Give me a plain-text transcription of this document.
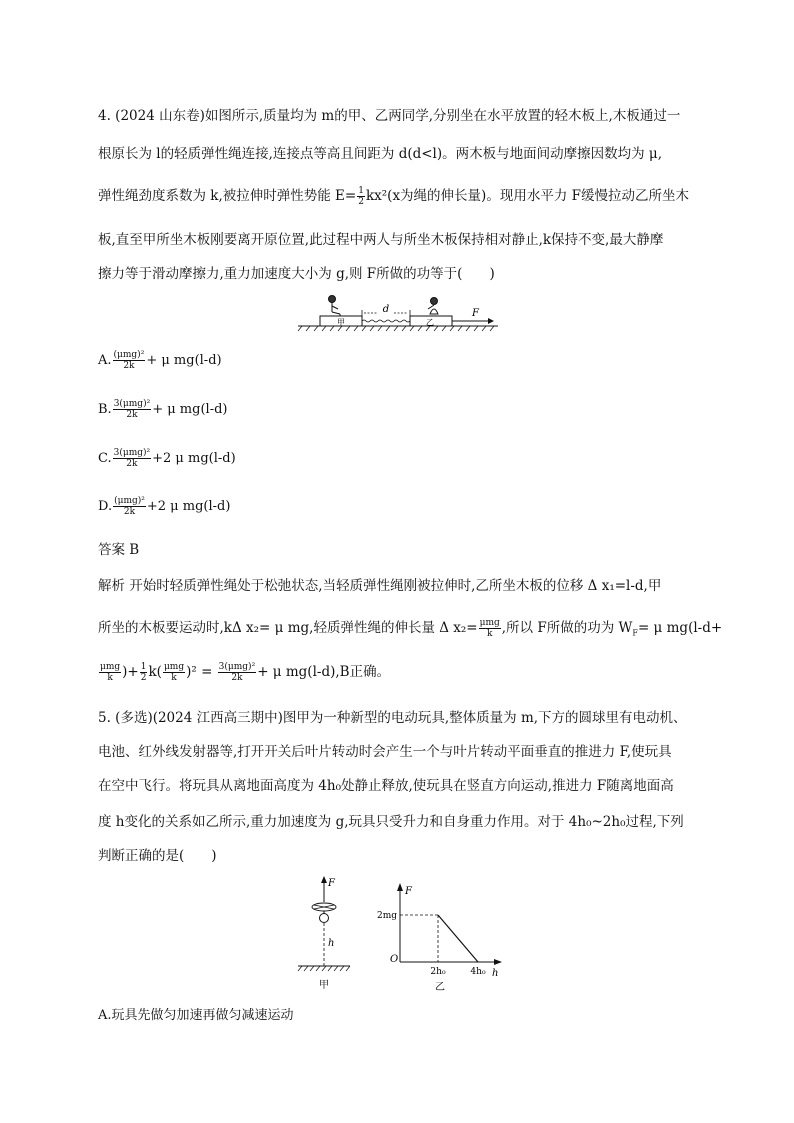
4. (2024 山东卷)如图所示,质量均为 m的甲、乙两同学,分别坐在水平放置的轻木板上,木板通过一
根原长为 l的轻质弹性绳连接,连接点等高且间距为 d(d<l)。两木板与地面间动摩擦因数均为 μ,
弹性绳劲度系数为 k,被拉伸时弹性势能 $E= \frac{1}{2} kx^2(x$为绳的伸长量)。现用水平力 F缓慢拉动乙所坐木
板,直至甲所坐木板刚要离开原位置,此过程中两人与所坐木板保持相对静止,k保持不变,最大静摩
擦力等于滑动摩擦力,重力加速度大小为 g,则 F所做的功等于(　　)
甲
d
乙
F
A. $\frac{\text{(μmg)²}}{2k} + \mu$ mg(l-d)
B. $\frac{\text{3(μmg)²}}{2k} + \mu$ mg(l-d)
C. $\frac{\text{3(μmg)²}}{2k} +2$ μ mg(l-d)
D. $\frac{\text{(μmg)²}}{2k} +2$ μ mg(l-d)
答案 B
解析 开始时轻质弹性绳处于松弛状态,当轻质弹性绳刚被拉伸时,乙所坐木板的位移 Δ x₁=l-d,甲
所坐的木板要运动时,kΔ x₂= μ mg,轻质弹性绳的伸长量 Δ $x_2= \frac{\text{μmg}}{k}$ ,所以 F所做的功为 $W_F= \mu$ mg(l-d+
$\frac{\text{μmg}}{k}$ )+ $\frac{1}{2} k( \frac{\text{μmg}}{k} )^2 = \frac{\text{3(μmg)²}}{2k} + \mu$ mg(l-d),B正确。
5. (多选)(2024 江西高三期中)图甲为一种新型的电动玩具,整体质量为 m,下方的圆球里有电动机、
电池、红外线发射器等,打开开关后叶片转动时会产生一个与叶片转动平面垂直的推进力 F,使玩具
在空中飞行。将玩具从离地面高度为 4h₀处静止释放,使玩具在竖直方向运动,推进力 F随离地面高
度 h变化的关系如乙所示,重力加速度为 g,玩具只受升力和自身重力作用。对于 4h₀~2h₀过程,下列
判断正确的是(　　)
F
h
甲
F
O
h
2mg
2h₀	4h₀
乙
A.玩具先做匀加速再做匀减速运动
